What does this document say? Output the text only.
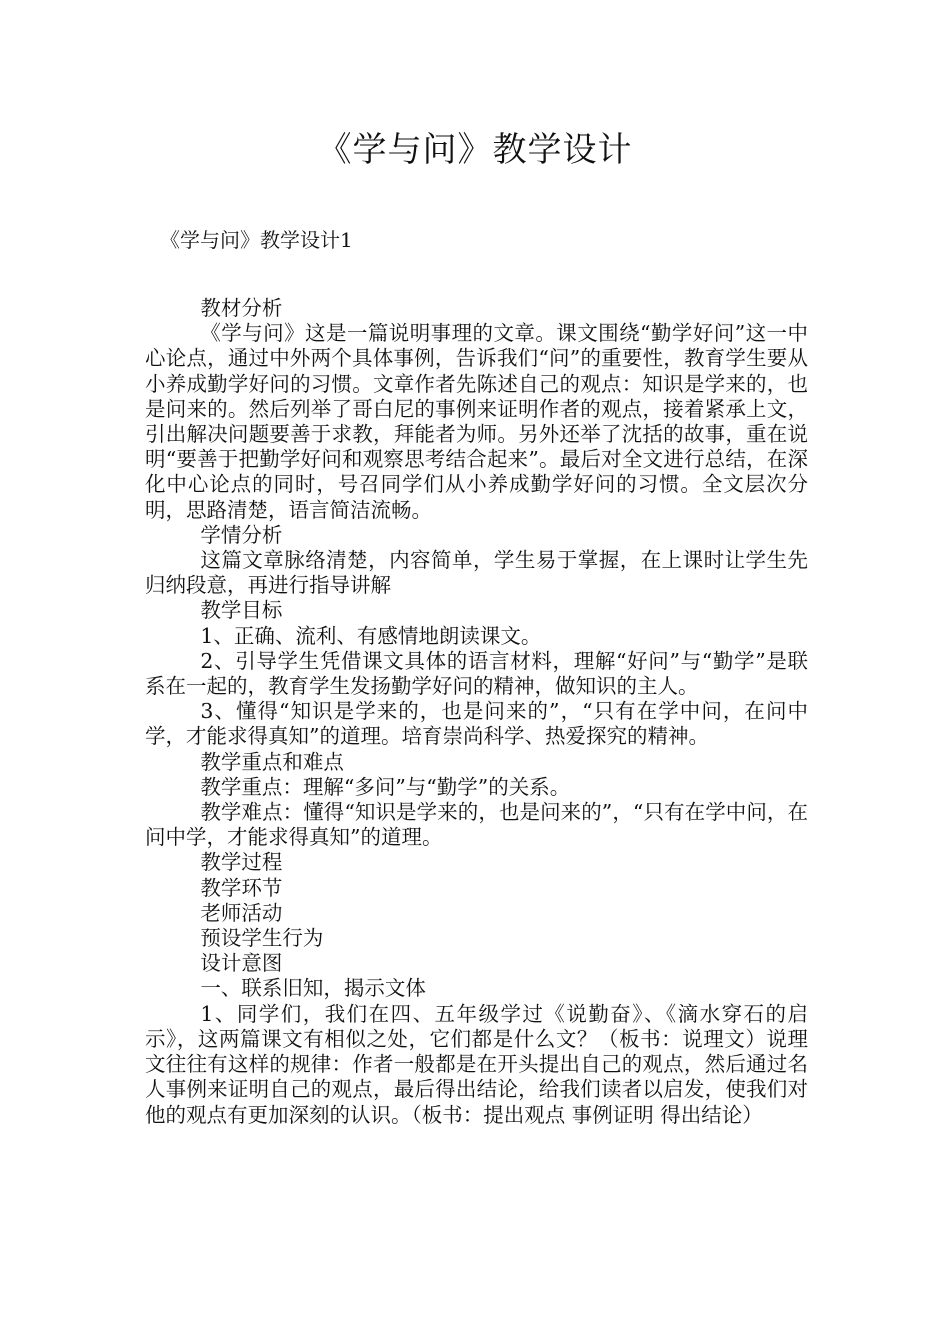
《学与问》教学设计
《学与问》教学设计1

教材分析

《学与问》这是一篇说明事理的文章。课文围绕“勤学好问”这一中心论点，通过中外两个具体事例，告诉我们“问”的重要性，教育学生要从小养成勤学好问的习惯。文章作者先陈述自己的观点：知识是学来的，也是问来的。然后列举了哥白尼的事例来证明作者的观点，接着紧承上文，引出解决问题要善于求教，拜能者为师。另外还举了沈括的故事，重在说明“要善于把勤学好问和观察思考结合起来”。最后对全文进行总结，在深化中心论点的同时，号召同学们从小养成勤学好问的习惯。全文层次分明，思路清楚，语言简洁流畅。

学情分析

这篇文章脉络清楚，内容简单，学生易于掌握，在上课时让学生先归纳段意，再进行指导讲解

教学目标

1、正确、流利、有感情地朗读课文。

2、引导学生凭借课文具体的语言材料，理解“好问”与“勤学”是联系在一起的，教育学生发扬勤学好问的精神，做知识的主人。

3、懂得“知识是学来的，也是问来的”，“只有在学中问，在问中学，才能求得真知”的道理。培育崇尚科学、热爱探究的精神。

教学重点和难点

教学重点：理解“多问”与“勤学”的关系。

教学难点：懂得“知识是学来的，也是问来的”，“只有在学中问，在问中学，才能求得真知”的道理。

教学过程

教学环节

老师活动

预设学生行为

设计意图

一、联系旧知，揭示文体

1、同学们，我们在四、五年级学过《说勤奋》、《滴水穿石的启示》，这两篇课文有相似之处，它们都是什么文？（板书：说理文）说理文往往有这样的规律：作者一般都是在开头提出自己的观点，然后通过名人事例来证明自己的观点，最后得出结论，给我们读者以启发，使我们对他的观点有更加深刻的认识。（板书：提出观点 事例证明 得出结论）
